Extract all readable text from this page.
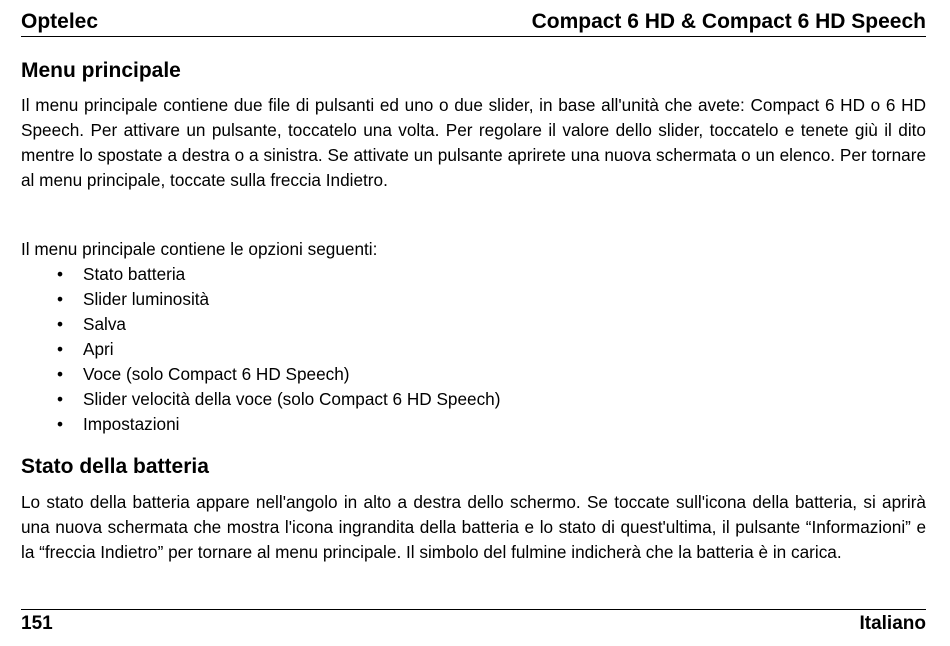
Optelec	Compact 6 HD & Compact 6 HD Speech
Menu principale

Il menu principale contiene due file di pulsanti ed uno o due slider, in base all'unità che avete: Compact 6 HD o 6 HD Speech. Per attivare un pulsante, toccatelo una volta. Per regolare il valore dello slider, toccatelo e tenete giù il dito mentre lo spostate a destra o a sinistra. Se attivate un pulsante aprirete una nuova schermata o un elenco. Per tornare al menu principale, toccate sulla freccia Indietro.

Il menu principale contiene le opzioni seguenti:

• Stato batteria
• Slider luminosità
• Salva
• Apri
• Voce (solo Compact 6 HD Speech)
• Slider velocità della voce (solo Compact 6 HD Speech)
• Impostazioni
Stato della batteria

Lo stato della batteria appare nell'angolo in alto a destra dello schermo. Se toccate sull'icona della batteria, si aprirà una nuova schermata che mostra l'icona ingrandita della batteria e lo stato di quest'ultima, il pulsante “Informazioni” e la “freccia Indietro” per tornare al menu principale. Il simbolo del fulmine indicherà che la batteria è in carica.

151	Italiano
